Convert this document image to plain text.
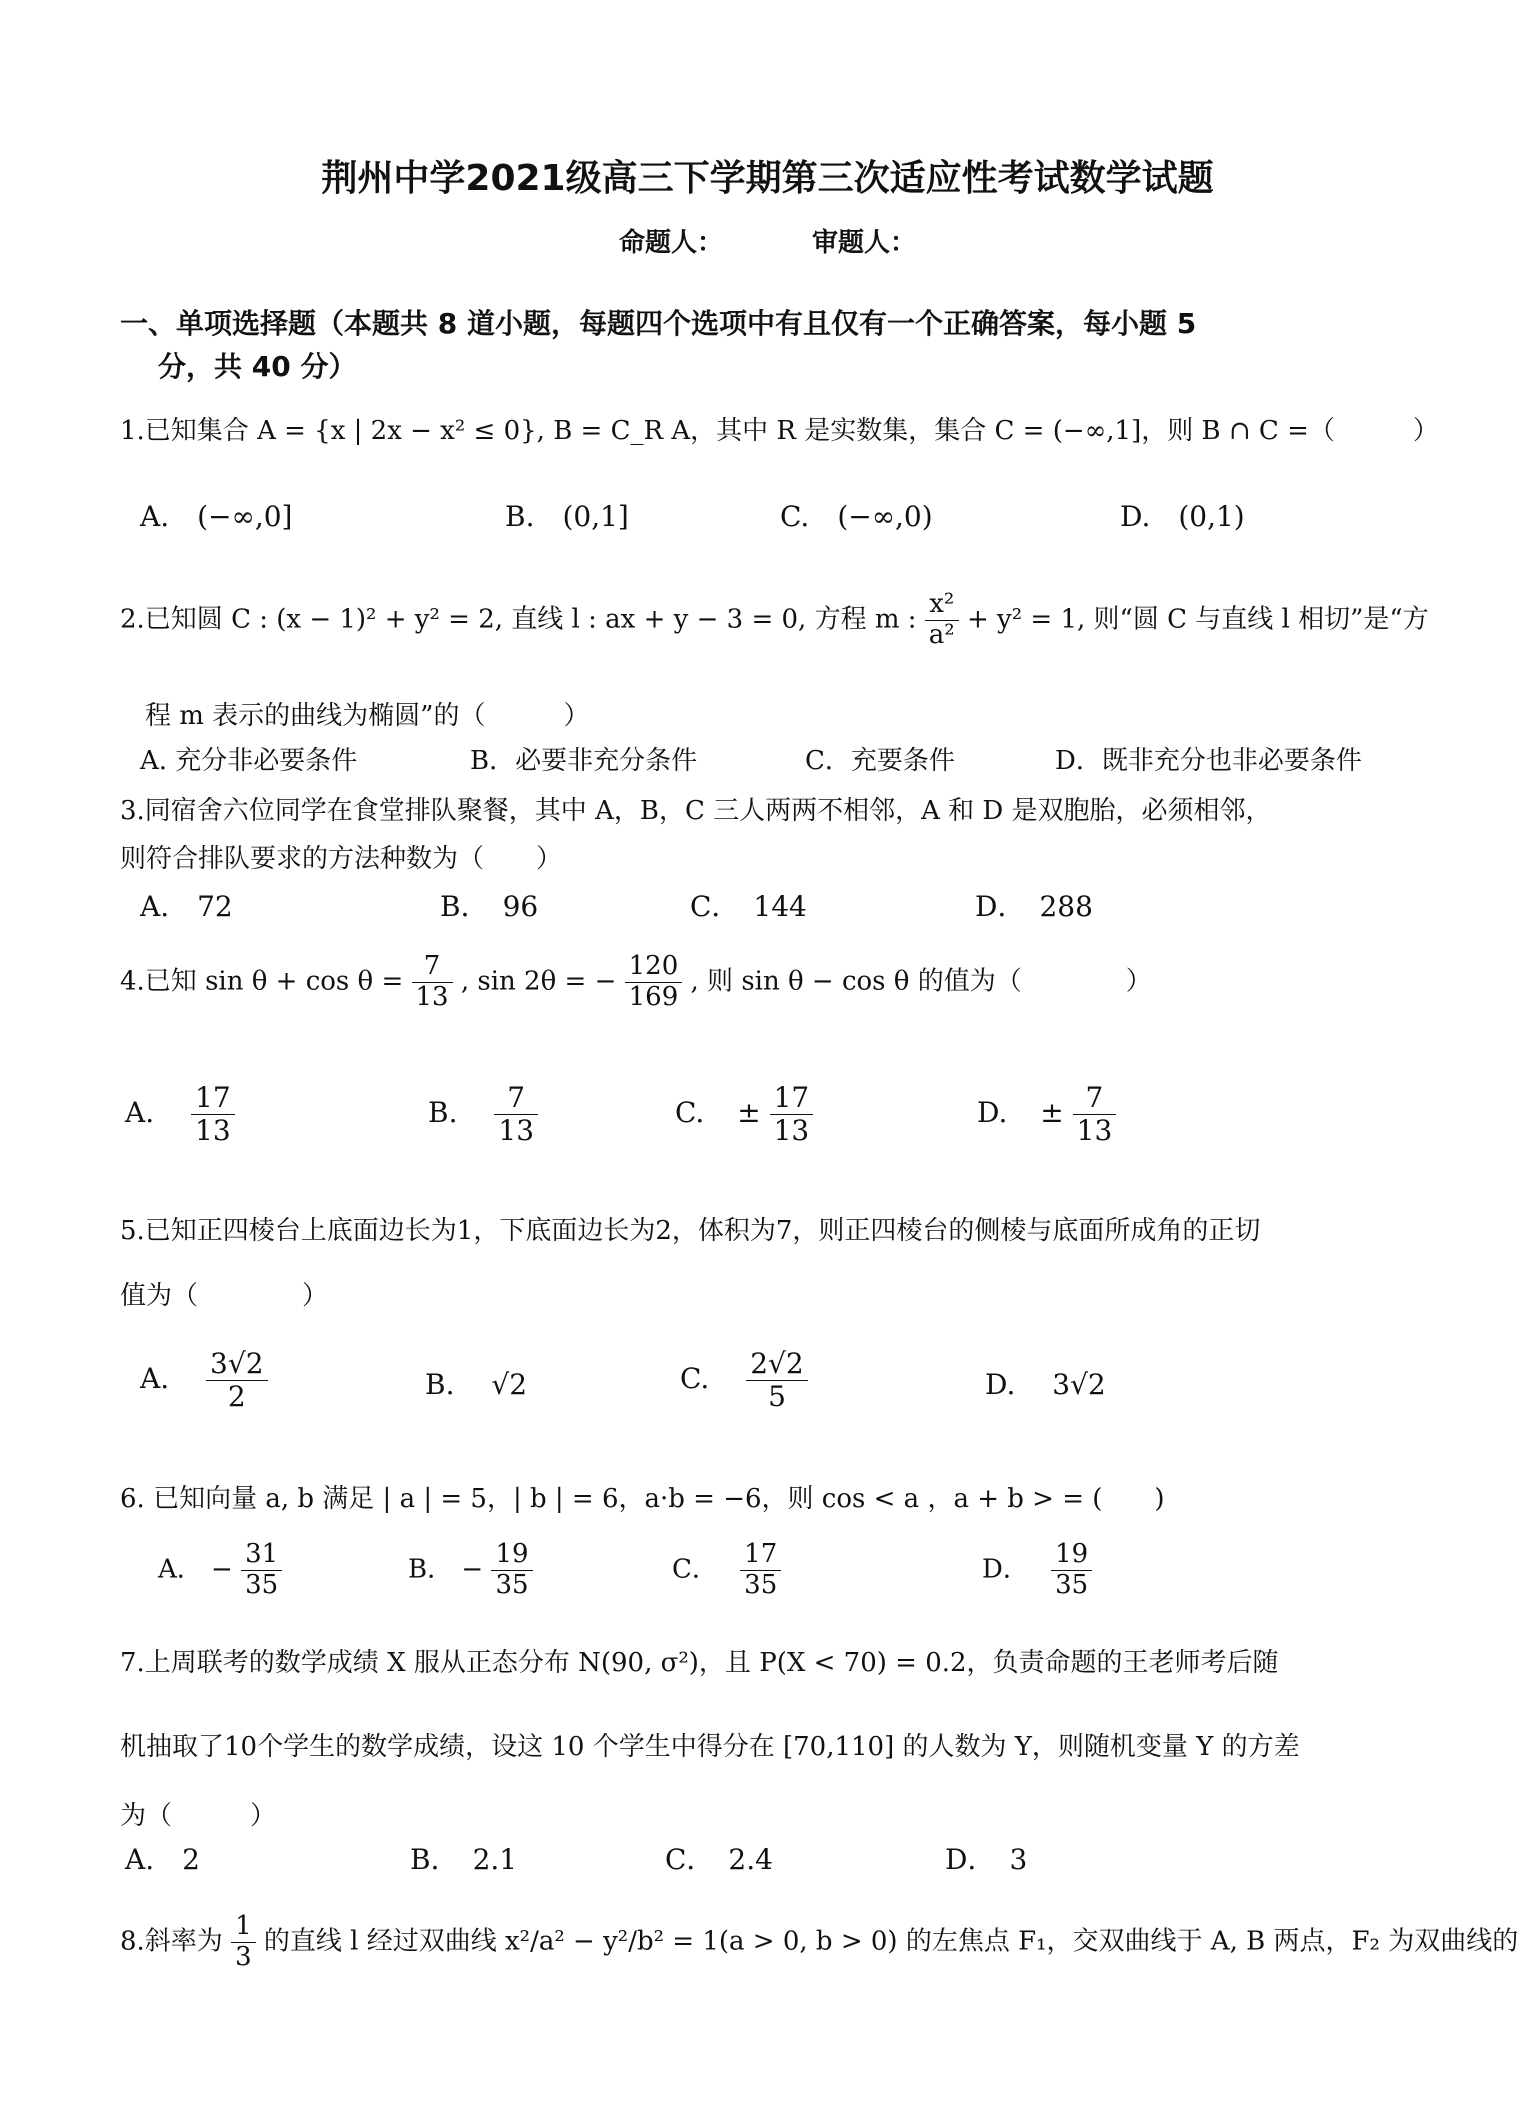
荆州中学2021级高三下学期第三次适应性考试数学试题
命题人：	审题人：
一、单项选择题（本题共 8 道小题，每题四个选项中有且仅有一个正确答案，每小题 5
分，共 40 分）
1.已知集合 A = {x | 2x − x² ≤ 0}, B = C_R A，其中 R 是实数集，集合 C = (−∞,1]，则 B ∩ C =（　　　）
A.　(−∞,0]	B.　(0,1]	C.　(−∞,0)	D.　(0,1)
2.已知圆 C : (x − 1)² + y² = 2, 直线 l : ax + y − 3 = 0, 方程 m : $\frac{\text{x²}}{\text{a²}} + y^2 = 1$, 则“圆 C 与直线 l 相切”是“方
程 m 表示的曲线为椭圆”的（　　　）
A. 充分非必要条件	B．必要非充分条件	C．充要条件	D．既非充分也非必要条件
3.同宿舍六位同学在食堂排队聚餐，其中 A，B，C 三人两两不相邻，A 和 D 是双胞胎，必须相邻，
则符合排队要求的方法种数为（　　）
A.　72	B．　96	C．　144	D．　288
4.已知 $\sin \theta + \cos \theta = \frac{7}{13}$ , sin 2θ = − $\frac{120}{169}$ , 则 sin θ − cos θ 的值为（　　　　）
A. $\frac{17}{13}$	B. $\frac{7}{13}$	C. ± $\frac{17}{13}$	D. ± $\frac{7}{13}$
5.已知正四棱台上底面边长为1，下底面边长为2，体积为7，则正四棱台的侧棱与底面所成角的正切
值为（　　　　）
A. $\frac{3√2}{2}$	B. √2	C. $\frac{2√2}{5}$	D. 3√2
6. 已知向量 a, b 满足 | a | = 5，| b | = 6，a·b = −6，则 cos < a ，a + b > = (　　)
A． − $\frac{31}{35}$	B． − $\frac{19}{35}$	C． $\frac{17}{35}$	D． $\frac{19}{35}$
7.上周联考的数学成绩 X 服从正态分布 N(90, σ²)，且 P(X < 70) = 0.2，负责命题的王老师考后随
机抽取了10个学生的数学成绩，设这 10 个学生中得分在 [70,110] 的人数为 Y，则随机变量 Y 的方差
为（　　　）
A.　2	B．　2.1	C．　2.4	D．　3
8.斜率为 $\frac{1}{3}$ 的直线 l 经过双曲线 x²/a² − y²/b² = 1(a > 0, b > 0) 的左焦点 F₁，交双曲线于 A, B 两点，F₂ 为双曲线的
